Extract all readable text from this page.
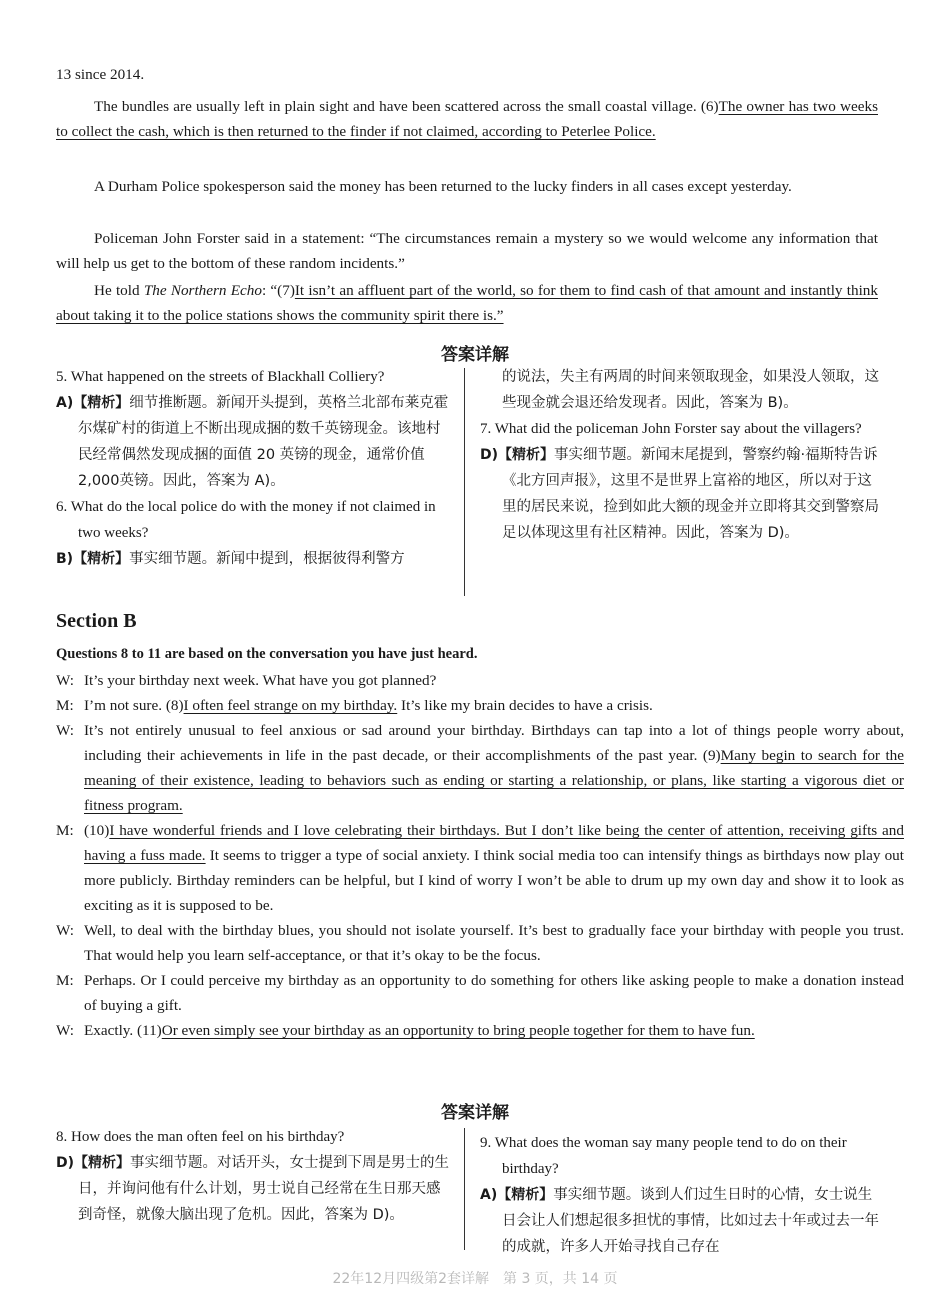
13 since 2014.

The bundles are usually left in plain sight and have been scattered across the small coastal village. (6)The owner has two weeks to collect the cash, which is then returned to the finder if not claimed, according to Peterlee Police.

A Durham Police spokesperson said the money has been returned to the lucky finders in all cases except yesterday.

Policeman John Forster said in a statement: “The circumstances remain a mystery so we would welcome any information that will help us get to the bottom of these random incidents.”

He told The Northern Echo: “(7)It isn’t an affluent part of the world, so for them to find cash of that amount and instantly think about taking it to the police stations shows the community spirit there is.”

答案详解

5. What happened on the streets of Blackhall Colliery?

A)【精析】细节推断题。新闻开头提到，英格兰北部布莱克霍尔煤矿村的街道上不断出现成捆的数千英镑现金。该地村民经常偶然发现成捆的面值 20 英镑的现金，通常价值2,000英镑。因此，答案为 A)。

6. What do the local police do with the money if not claimed in two weeks?

B)【精析】事实细节题。新闻中提到，根据彼得利警方

的说法，失主有两周的时间来领取现金，如果没人领取，这些现金就会退还给发现者。因此，答案为 B)。

7. What did the policeman John Forster say about the villagers?

D)【精析】事实细节题。新闻末尾提到，警察约翰·福斯特告诉《北方回声报》，这里不是世界上富裕的地区，所以对于这里的居民来说，捡到如此大额的现金并立即将其交到警察局足以体现这里有社区精神。因此，答案为 D)。

Section B
Questions 8 to 11 are based on the conversation you have just heard.
W: It’s your birthday next week. What have you got planned?
M: I’m not sure. (8)I often feel strange on my birthday. It’s like my brain decides to have a crisis.
W: It’s not entirely unusual to feel anxious or sad around your birthday. Birthdays can tap into a lot of things people worry about, including their achievements in life in the past decade, or their accomplishments of the past year. (9)Many begin to search for the meaning of their existence, leading to behaviors such as ending or starting a relationship, or plans, like starting a vigorous diet or fitness program.
M: (10)I have wonderful friends and I love celebrating their birthdays. But I don’t like being the center of attention, receiving gifts and having a fuss made. It seems to trigger a type of social anxiety. I think social media too can intensify things as birthdays now play out more publicly. Birthday reminders can be helpful, but I kind of worry I won’t be able to drum up my own day and show it to look as exciting as it is supposed to be.
W: Well, to deal with the birthday blues, you should not isolate yourself. It’s best to gradually face your birthday with people you trust. That would help you learn self-acceptance, or that it’s okay to be the focus.
M: Perhaps. Or I could perceive my birthday as an opportunity to do something for others like asking people to make a donation instead of buying a gift.
W: Exactly. (11)Or even simply see your birthday as an opportunity to bring people together for them to have fun.
答案详解

8. How does the man often feel on his birthday?

D)【精析】事实细节题。对话开头，女士提到下周是男士的生日，并询问他有什么计划，男士说自己经常在生日那天感到奇怪，就像大脑出现了危机。因此，答案为 D)。

9. What does the woman say many people tend to do on their birthday?

A)【精析】事实细节题。谈到人们过生日时的心情，女士说生日会让人们想起很多担忧的事情，比如过去十年或过去一年的成就，许多人开始寻找自己存在

22年12月四级第2套详解　第 3 页，共 14 页
